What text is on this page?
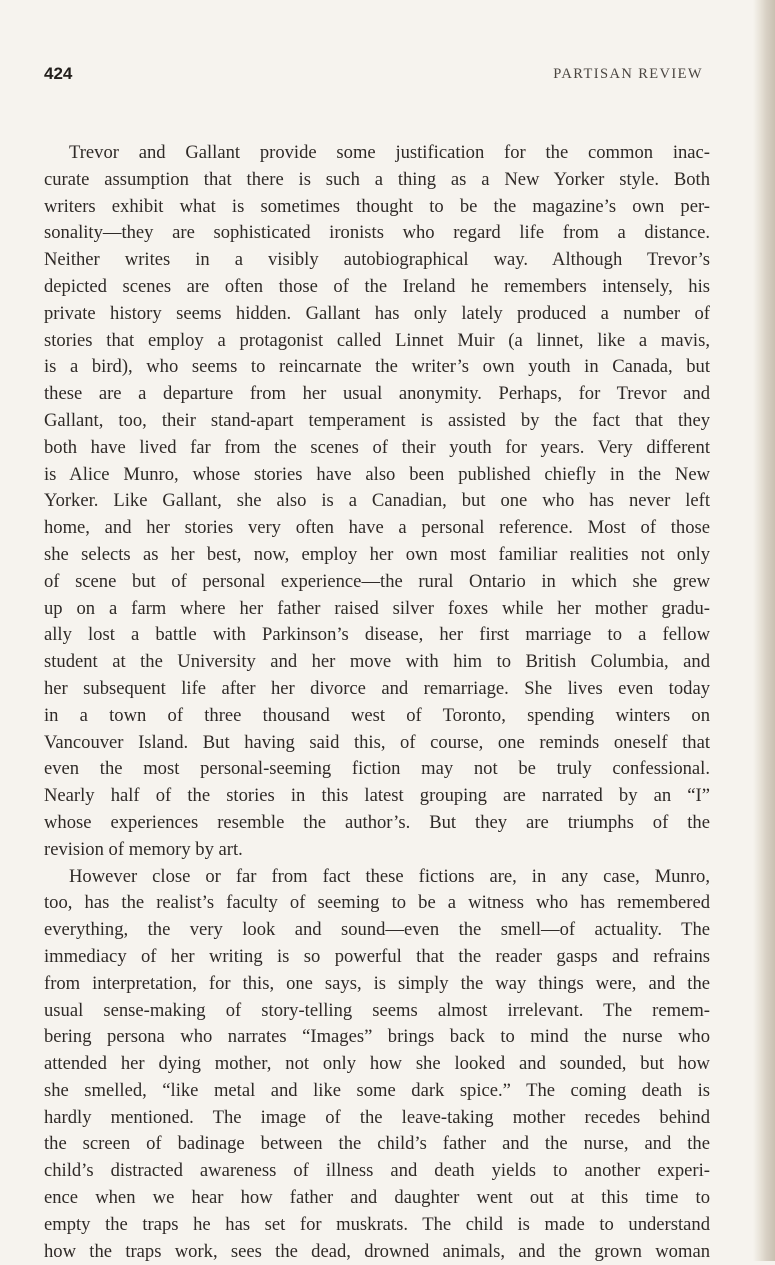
424	PARTISAN REVIEW
Trevor and Gallant provide some justification for the common inac-
curate assumption that there is such a thing as a New Yorker style. Both
writers exhibit what is sometimes thought to be the magazine’s own per-
sonality—they are sophisticated ironists who regard life from a distance.
Neither writes in a visibly autobiographical way. Although Trevor’s
depicted scenes are often those of the Ireland he remembers intensely, his
private history seems hidden. Gallant has only lately produced a number of
stories that employ a protagonist called Linnet Muir (a linnet, like a mavis,
is a bird), who seems to reincarnate the writer’s own youth in Canada, but
these are a departure from her usual anonymity. Perhaps, for Trevor and
Gallant, too, their stand-apart temperament is assisted by the fact that they
both have lived far from the scenes of their youth for years. Very different
is Alice Munro, whose stories have also been published chiefly in the New
Yorker. Like Gallant, she also is a Canadian, but one who has never left
home, and her stories very often have a personal reference. Most of those
she selects as her best, now, employ her own most familiar realities not only
of scene but of personal experience—the rural Ontario in which she grew
up on a farm where her father raised silver foxes while her mother gradu-
ally lost a battle with Parkinson’s disease, her first marriage to a fellow
student at the University and her move with him to British Columbia, and
her subsequent life after her divorce and remarriage. She lives even today
in a town of three thousand west of Toronto, spending winters on
Vancouver Island. But having said this, of course, one reminds oneself that
even the most personal-seeming fiction may not be truly confessional.
Nearly half of the stories in this latest grouping are narrated by an “I”
whose experiences resemble the author’s. But they are triumphs of the
revision of memory by art.
However close or far from fact these fictions are, in any case, Munro,
too, has the realist’s faculty of seeming to be a witness who has remembered
everything, the very look and sound—even the smell—of actuality. The
immediacy of her writing is so powerful that the reader gasps and refrains
from interpretation, for this, one says, is simply the way things were, and the
usual sense-making of story-telling seems almost irrelevant. The remem-
bering persona who narrates “Images” brings back to mind the nurse who
attended her dying mother, not only how she looked and sounded, but how
she smelled, “like metal and like some dark spice.” The coming death is
hardly mentioned. The image of the leave-taking mother recedes behind
the screen of badinage between the child’s father and the nurse, and the
child’s distracted awareness of illness and death yields to another experi-
ence when we hear how father and daughter went out at this time to
empty the traps he has set for muskrats. The child is made to understand
how the traps work, sees the dead, drowned animals, and the grown woman
